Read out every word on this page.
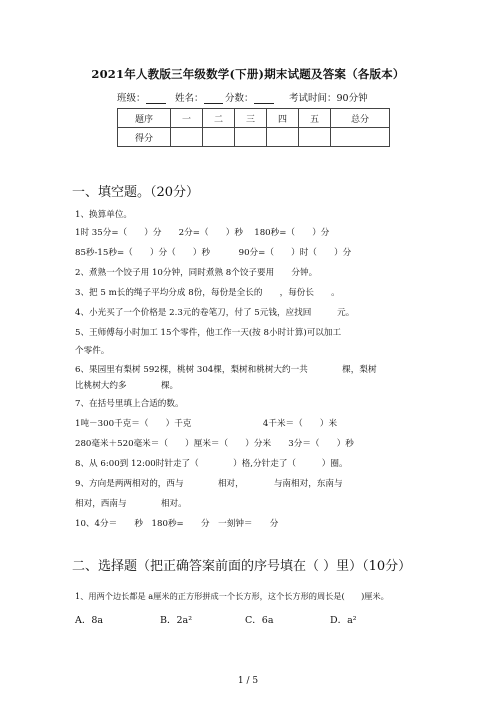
2021年人教版三年级数学(下册)期末试题及答案（各版本）
班级：	姓名：	分数：	考试时间：90分钟
题序	一	二	三	四	五	总分
得分						
一、填空题。（20分）
1、换算单位。
1时 35分=（　　）分　　2分=（　　）秒　 180秒=（　　）分
85秒-15秒=（　　）分（　　）秒　　　 90分=（　　）时（　　）分
2、煮熟一个饺子用 10分钟，同时煮熟 8个饺子要用　　分钟。
3、把 5 m长的绳子平均分成 8份，每份是全长的　　，每份长　　。
4、小光买了一个价格是 2.3元的卷笔刀，付了 5元钱，应找回　　　元。
5、王师傅每小时加工 15个零件，他工作一天(按 8小时计算)可以加工
个零件。
6、果园里有梨树 592棵，桃树 304棵，梨树和桃树大约一共　　　　棵，梨树
比桃树大约多　　　　棵。
7、在括号里填上合适的数。
1吨－300千克＝（　　）千克　　　　　　　　 4千米＝（　　）米
280毫米＋520毫米＝（　　）厘米＝（　　）分米　　3分＝（　　）秒
8、从 6:00到 12:00时针走了（　　　　）格,分针走了（　　　）圈。
9、方向是两两相对的，西与　　　　相对，　　　　与南相对，东南与
相对，西南与　　　　相对。
10、4分＝　　秒　180秒=　　分　一刻钟＝　　分
二、选择题（把正确答案前面的序号填在（ ）里）（10分）
1、用两个边长都是 a厘米的正方形拼成一个长方形，这个长方形的周长是(　　)厘米。
A．8a	B．2a²	C．6a	D．a²
1 / 5
